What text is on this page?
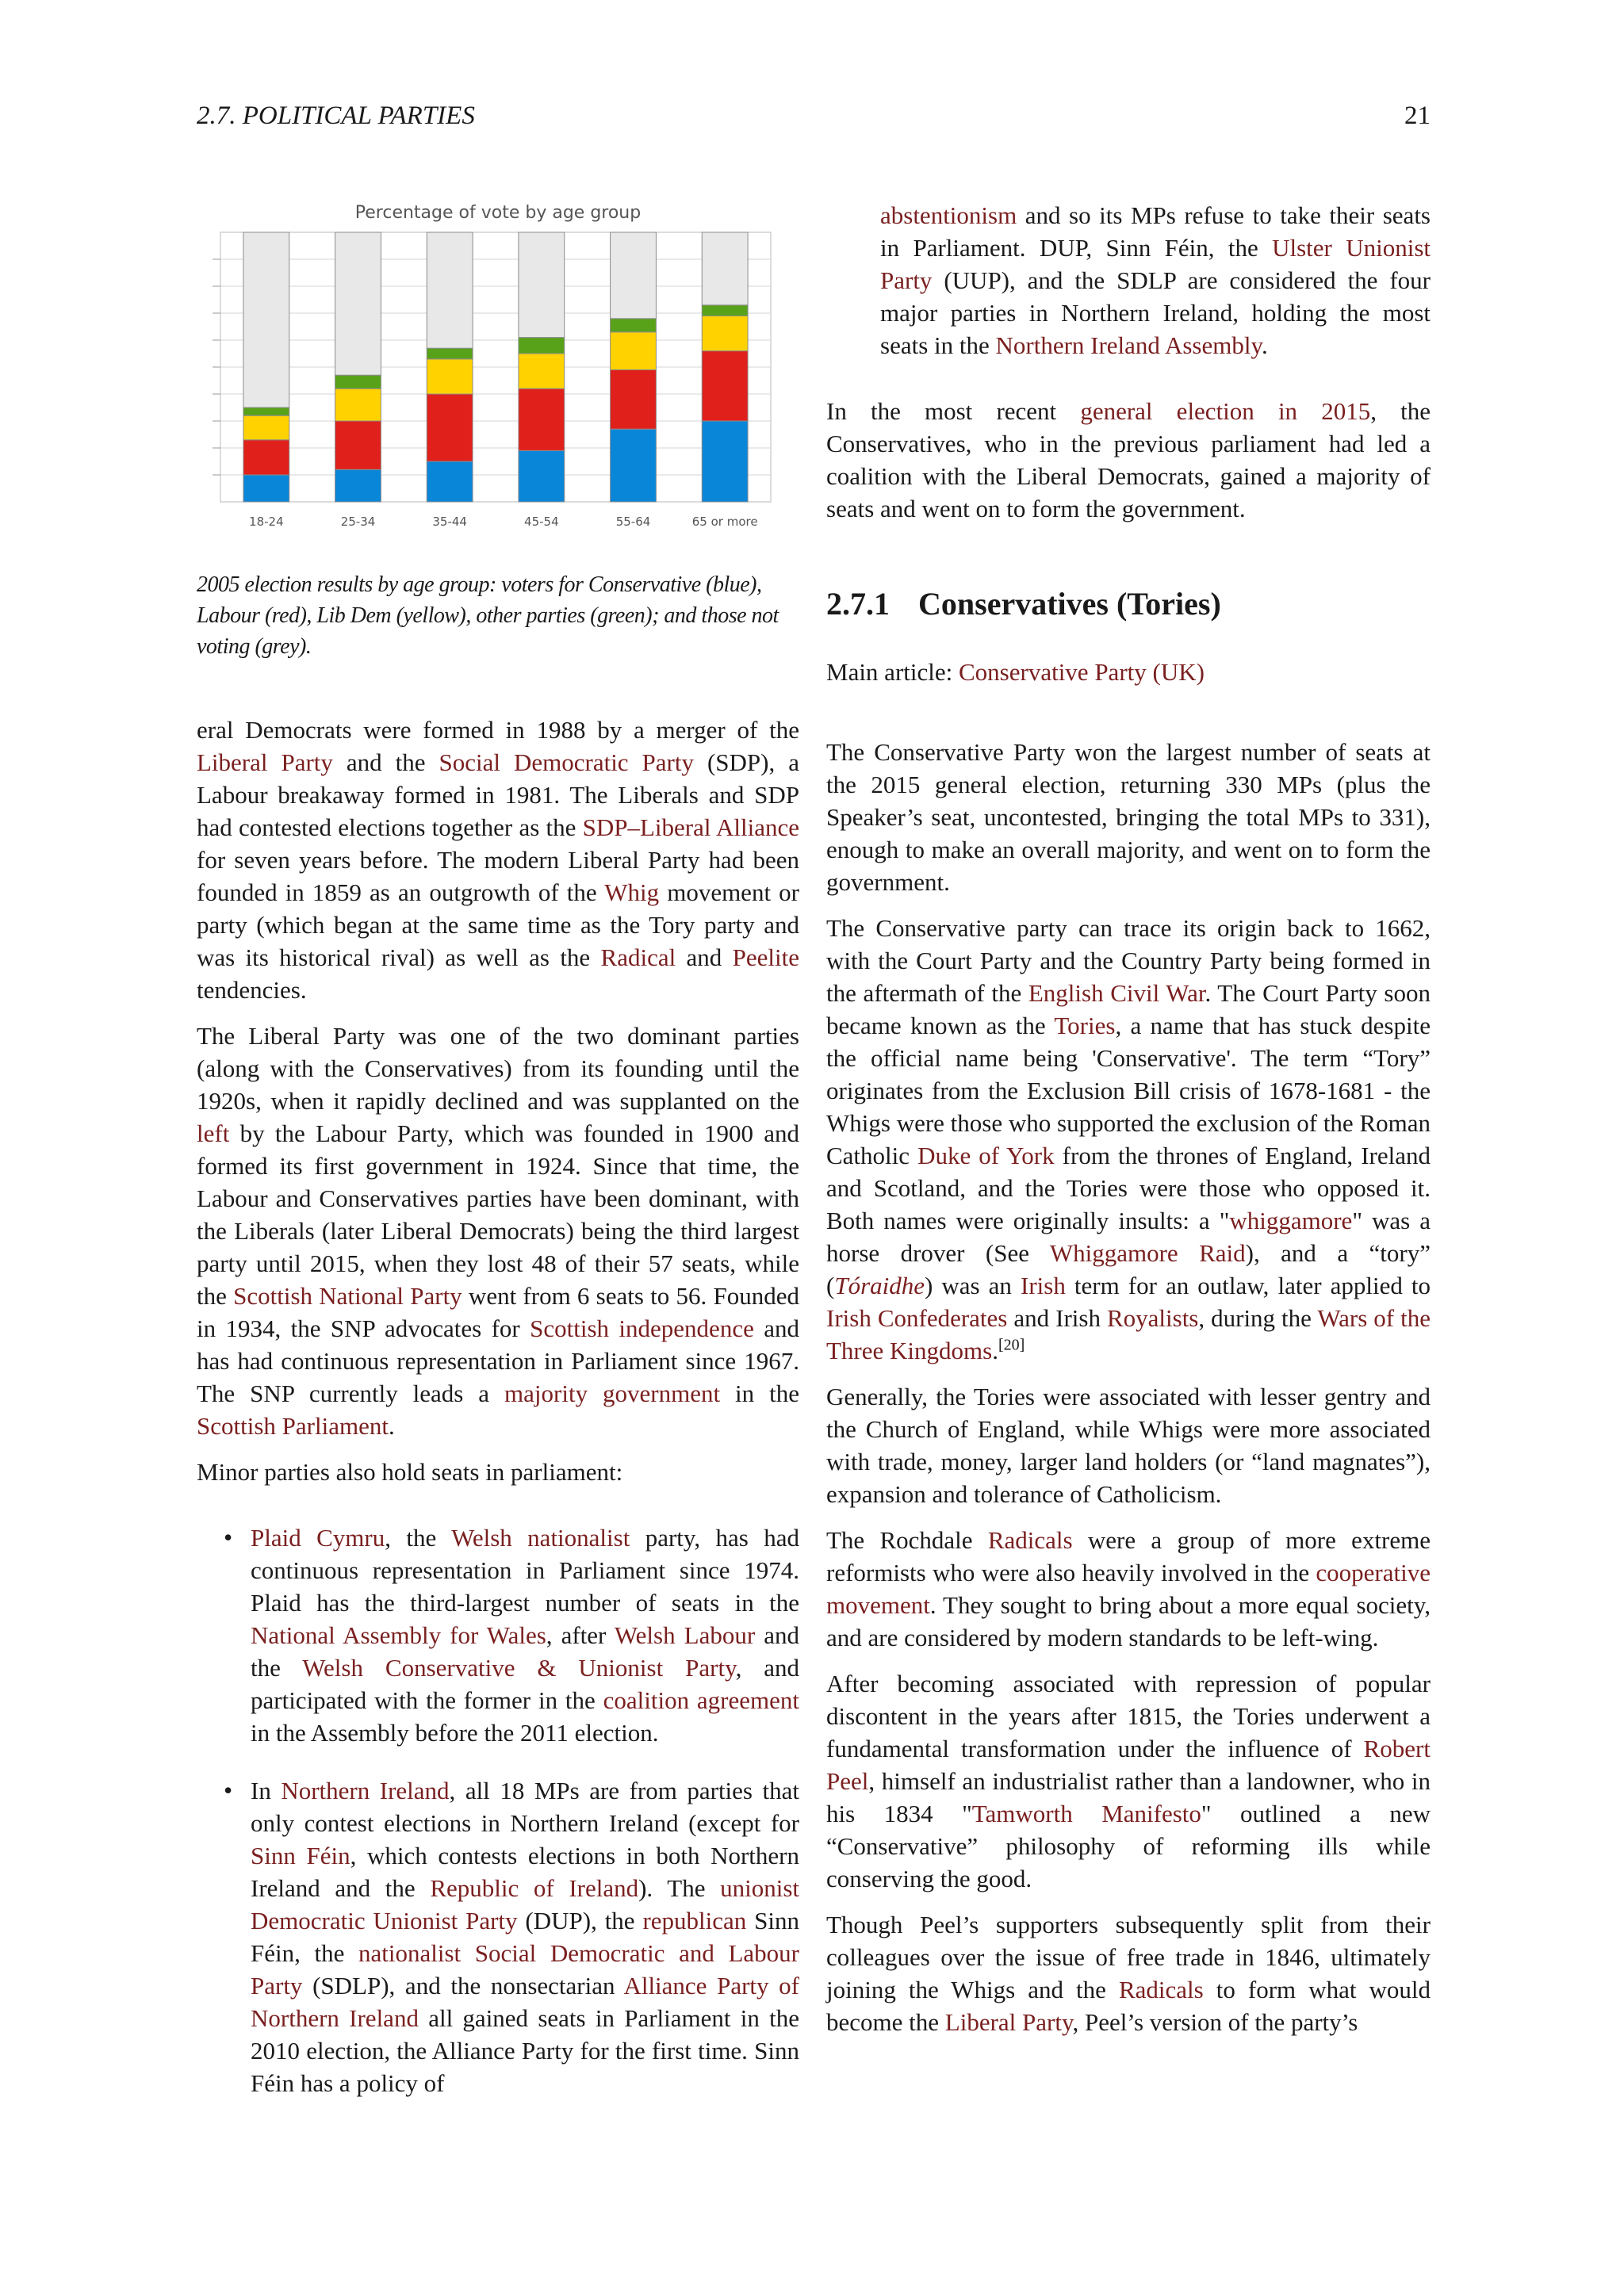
2.7. POLITICAL PARTIES	21
Percentage of vote by age group
18-24	25-34	35-44	45-54	55-64	65 or more
2005 election results by age group: voters for Conservative (blue), Labour (red), Lib Dem (yellow), other parties (green); and those not voting (grey).

eral Democrats were formed in 1988 by a merger of the Liberal Party and the Social Democratic Party (SDP), a Labour breakaway formed in 1981. The Liberals and SDP had contested elections together as the SDP–Liberal Alliance for seven years before. The modern Liberal Party had been founded in 1859 as an outgrowth of the Whig movement or party (which began at the same time as the Tory party and was its historical rival) as well as the Radical and Peelite tendencies.

The Liberal Party was one of the two dominant parties (along with the Conservatives) from its founding until the 1920s, when it rapidly declined and was supplanted on the left by the Labour Party, which was founded in 1900 and formed its first government in 1924. Since that time, the Labour and Conservatives parties have been dominant, with the Liberals (later Liberal Democrats) being the third largest party until 2015, when they lost 48 of their 57 seats, while the Scottish National Party went from 6 seats to 56. Founded in 1934, the SNP advocates for Scottish independence and has had continuous representation in Parliament since 1967. The SNP currently leads a majority government in the Scottish Parliament.

Minor parties also hold seats in parliament:

• Plaid Cymru, the Welsh nationalist party, has had continuous representation in Parliament since 1974. Plaid has the third-largest number of seats in the National Assembly for Wales, after Welsh Labour and the Welsh Conservative & Unionist Party, and participated with the former in the coalition agreement in the Assembly before the 2011 election.
• In Northern Ireland, all 18 MPs are from parties that only contest elections in Northern Ireland (except for Sinn Féin, which contests elections in both Northern Ireland and the Republic of Ireland). The unionist Democratic Unionist Party (DUP), the republican Sinn Féin, the nationalist Social Democratic and Labour Party (SDLP), and the nonsectarian Alliance Party of Northern Ireland all gained seats in Parliament in the 2010 election, the Alliance Party for the first time. Sinn Féin has a policy of

abstentionism and so its MPs refuse to take their seats in Parliament. DUP, Sinn Féin, the Ulster Unionist Party (UUP), and the SDLP are considered the four major parties in Northern Ireland, holding the most seats in the Northern Ireland Assembly.

In the most recent general election in 2015, the Conservatives, who in the previous parliament had led a coalition with the Liberal Democrats, gained a majority of seats and went on to form the government.

2.7.1 Conservatives (Tories)
Main article: Conservative Party (UK)

The Conservative Party won the largest number of seats at the 2015 general election, returning 330 MPs (plus the Speaker’s seat, uncontested, bringing the total MPs to 331), enough to make an overall majority, and went on to form the government.

The Conservative party can trace its origin back to 1662, with the Court Party and the Country Party being formed in the aftermath of the English Civil War. The Court Party soon became known as the Tories, a name that has stuck despite the official name being 'Conservative'. The term “Tory” originates from the Exclusion Bill crisis of 1678-1681 - the Whigs were those who supported the exclusion of the Roman Catholic Duke of York from the thrones of England, Ireland and Scotland, and the Tories were those who opposed it. Both names were originally insults: a "whiggamore" was a horse drover (See Whiggamore Raid), and a “tory” (Tóraidhe) was an Irish term for an outlaw, later applied to Irish Confederates and Irish Royalists, during the Wars of the Three Kingdoms.[20]

Generally, the Tories were associated with lesser gentry and the Church of England, while Whigs were more associated with trade, money, larger land holders (or “land magnates”), expansion and tolerance of Catholicism.

The Rochdale Radicals were a group of more extreme reformists who were also heavily involved in the cooperative movement. They sought to bring about a more equal society, and are considered by modern standards to be left-wing.

After becoming associated with repression of popular discontent in the years after 1815, the Tories underwent a fundamental transformation under the influence of Robert Peel, himself an industrialist rather than a landowner, who in his 1834 "Tamworth Manifesto" outlined a new “Conservative” philosophy of reforming ills while conserving the good.

Though Peel’s supporters subsequently split from their colleagues over the issue of free trade in 1846, ultimately joining the Whigs and the Radicals to form what would become the Liberal Party, Peel’s version of the party’s
